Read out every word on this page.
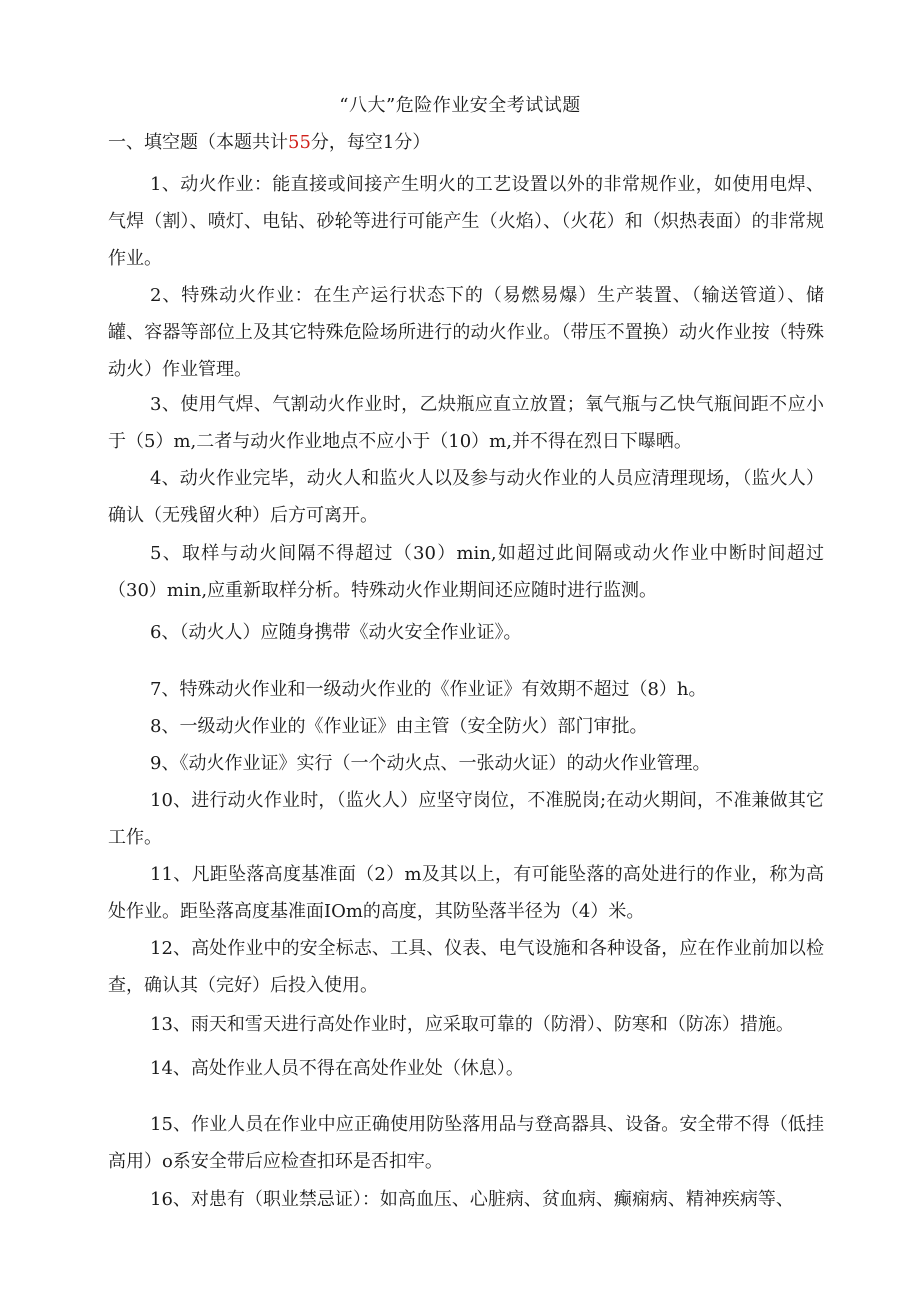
“八大”危险作业安全考试试题
一、填空题（本题共计55分，每空1分）

1、动火作业：能直接或间接产生明火的工艺设置以外的非常规作业，如使用电焊、气焊（割）、喷灯、电钻、砂轮等进行可能产生（火焰）、（火花）和（炽热表面）的非常规作业。

2、特殊动火作业：在生产运行状态下的（易燃易爆）生产装置、（输送管道）、储罐、容器等部位上及其它特殊危险场所进行的动火作业。（带压不置换）动火作业按（特殊动火）作业管理。

3、使用气焊、气割动火作业时，乙炔瓶应直立放置；氧气瓶与乙快气瓶间距不应小于（5）m,二者与动火作业地点不应小于（10）m,并不得在烈日下曝晒。

4、动火作业完毕，动火人和监火人以及参与动火作业的人员应清理现场，（监火人）确认（无残留火种）后方可离开。

5、取样与动火间隔不得超过（30）min,如超过此间隔或动火作业中断时间超过（30）min,应重新取样分析。特殊动火作业期间还应随时进行监测。

6、（动火人）应随身携带《动火安全作业证》。

7、特殊动火作业和一级动火作业的《作业证》有效期不超过（8）h。

8、一级动火作业的《作业证》由主管（安全防火）部门审批。

9、《动火作业证》实行（一个动火点、一张动火证）的动火作业管理。

10、进行动火作业时，（监火人）应坚守岗位，不准脱岗;在动火期间，不准兼做其它工作。

11、凡距坠落高度基准面（2）m及其以上，有可能坠落的高处进行的作业，称为高处作业。距坠落高度基准面IOm的高度，其防坠落半径为（4）米。

12、高处作业中的安全标志、工具、仪表、电气设施和各种设备，应在作业前加以检查，确认其（完好）后投入使用。

13、雨天和雪天进行高处作业时，应采取可靠的（防滑）、防寒和（防冻）措施。

14、高处作业人员不得在高处作业处（休息）。

15、作业人员在作业中应正确使用防坠落用品与登高器具、设备。安全带不得（低挂高用）o系安全带后应检查扣环是否扣牢。

16、对患有（职业禁忌证）：如高血压、心脏病、贫血病、癫痫病、精神疾病等、
